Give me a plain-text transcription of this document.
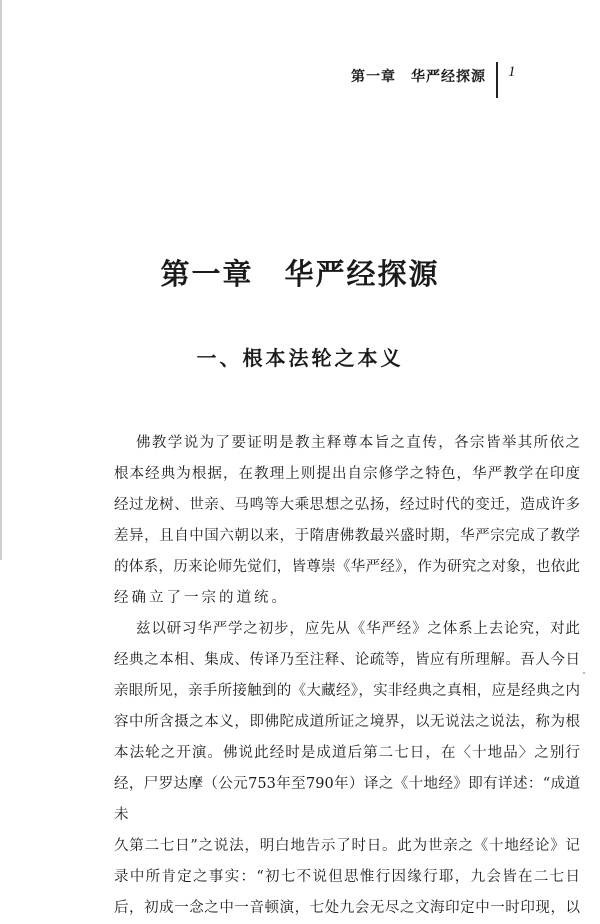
第一章　华严经探源 1
第一章　华严经探源
一、根本法轮之本义
佛教学说为了要证明是教主释尊本旨之直传，各宗皆举其所依之
根本经典为根据，在教理上则提出自宗修学之特色，华严教学在印度
经过龙树、世亲、马鸣等大乘思想之弘扬，经过时代的变迁，造成许多
差异，且自中国六朝以来，于隋唐佛教最兴盛时期，华严宗完成了教学
的体系，历来论师先觉们，皆尊崇《华严经》，作为研究之对象，也依此
经确立了一宗的道统。
兹以研习华严学之初步，应先从《华严经》之体系上去论究，对此
经典之本相、集成、传译乃至注释、论疏等，皆应有所理解。吾人今日
亲眼所见，亲手所接触到的《大藏经》，实非经典之真相，应是经典之内
容中所含摄之本义，即佛陀成道所证之境界，以无说法之说法，称为根
本法轮之开演。佛说此经时是成道后第二七日，在〈十地品〉之别行
经，尸罗达摩（公元753年至790年）译之《十地经》即有详述：“成道未
久第二七日”之说法，明白地告示了时日。此为世亲之《十地经论》记
录中所肯定之事实：“初七不说但思惟行因缘行耶，九会皆在二七日
后，初成一念之中一音顿演，七处九会无尽之文海印定中一时印现，以
